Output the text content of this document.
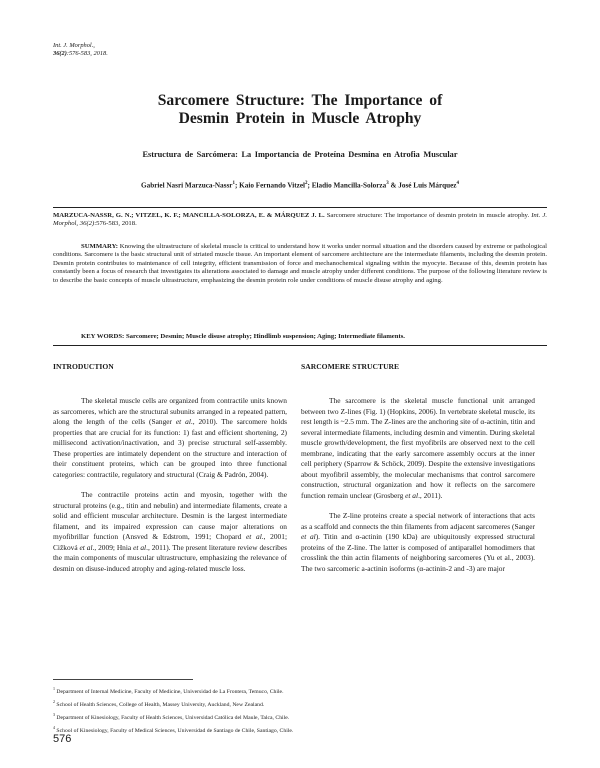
Int. J. Morphol.,
36(2):576-583, 2018.
Sarcomere Structure: The Importance of
Desmin Protein in Muscle Atrophy
Estructura de Sarcómera: La Importancia de Proteína Desmina en Atrofia Muscular
Gabriel Nasri Marzuca-Nassr$^1$; Kaio Fernando Vitzel$^2$; Eladio Mancilla-Solorza$^3$ & José Luis Márquez$^4$
MARZUCA-NASSR, G. N.; VITZEL, K. F.; MANCILLA-SOLORZA, E. & MÁRQUEZ J. L. Sarcomere structure: The importance of desmin protein in muscle atrophy. Int. J. Morphol, 36(2):576-583, 2018.
SUMMARY: Knowing the ultrastructure of skeletal muscle is critical to understand how it works under normal situation and the disorders caused by extreme or pathological conditions. Sarcomere is the basic structural unit of striated muscle tissue. An important element of sarcomere architecture are the intermediate filaments, including the desmin protein. Desmin protein contributes to maintenance of cell integrity, efficient transmission of force and mechanochemical signaling within the myocyte. Because of this, desmin protein has constantly been a focus of research that investigates its alterations associated to damage and muscle atrophy under different conditions. The purpose of the following literature review is to describe the basic concepts of muscle ultrastructure, emphasizing the desmin protein role under conditions of muscle disuse atrophy and aging.
KEY WORDS: Sarcomere; Desmin; Muscle disuse atrophy; Hindlimb suspension; Aging; Intermediate filaments.
INTRODUCTION	SARCOMERE STRUCTURE

The skeletal muscle cells are organized from contractile units known as sarcomeres, which are the structural subunits arranged in a repeated pattern, along the length of the cells (Sanger et al., 2010). The sarcomere holds properties that are crucial for its function: 1) fast and efficient shortening, 2) millisecond activation/inactivation, and 3) precise structural self-assembly. These properties are intimately dependent on the structure and interaction of their constituent proteins, which can be grouped into three functional categories: contractile, regulatory and structural (Craig & Padrón, 2004).

The contractile proteins actin and myosin, together with the structural proteins (e.g., titin and nebulin) and intermediate filaments, create a solid and efficient muscular architecture. Desmin is the largest intermediate filament, and its impaired expression can cause major alterations on myofibrillar function (Ansved & Edstrom, 1991; Chopard et al., 2001; Cižková et al., 2009; Hnia et al., 2011). The present literature review describes the main components of muscular ultrastructure, emphasizing the relevance of desmin on disuse-induced atrophy and aging-related muscle loss.

The sarcomere is the skeletal muscle functional unit arranged between two Z-lines (Fig. 1) (Hopkins, 2006). In vertebrate skeletal muscle, its rest length is ~2.5 mm. The Z-lines are the anchoring site of α-actinin, titin and several intermediate filaments, including desmin and vimentin. During skeletal muscle growth/development, the first myofibrils are observed next to the cell membrane, indicating that the early sarcomere assembly occurs at the inner cell periphery (Sparrow & Schöck, 2009). Despite the extensive investigations about myofibril assembly, the molecular mechanisms that control sarcomere construction, structural organization and how it reflects on the sarcomere function remain unclear (Grosberg et al., 2011).

The Z-line proteins create a special network of interactions that acts as a scaffold and connects the thin filaments from adjacent sarcomeres (Sanger et al). Titin and α-actinin (190 kDa) are ubiquitously expressed structural proteins of the Z-line. The latter is composed of antiparallel homodimers that crosslink the thin actin filaments of neighboring sarcomeres (Yu et al., 2003). The two sarcomeric a-actinin isoforms (α-actinin-2 and -3) are major

$^1$ Department of Internal Medicine, Faculty of Medicine, Universidad de La Frontera, Temuco, Chile.
$^2$ School of Health Sciences, College of Health, Massey University, Auckland, New Zealand.
$^3$ Department of Kinesiology, Faculty of Health Sciences, Universidad Católica del Maule, Talca, Chile.
$^4$ School of Kinesiology, Faculty of Medical Sciences, Universidad de Santiago de Chile, Santiago, Chile.
576
